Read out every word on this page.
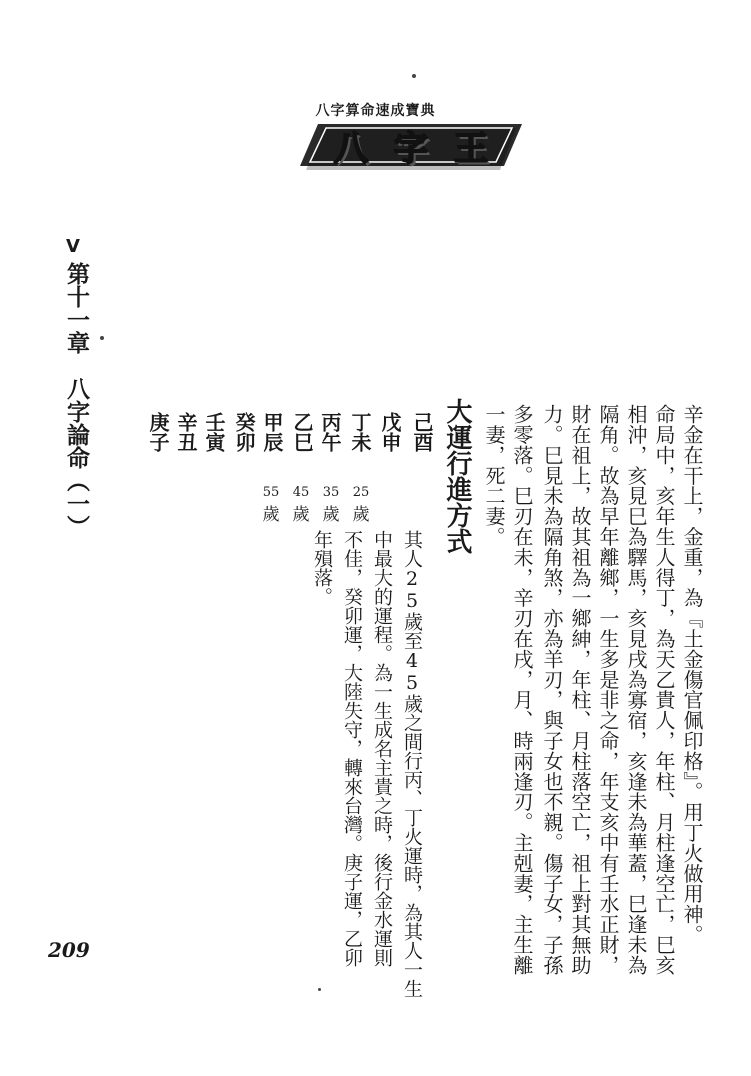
八字算命速成寶典
八字王
V
第十一章　八字論命（一）
辛金在干上，金重，為『土金傷官佩印格』。用丁火做用神。
命局中，亥年生人得丁，為天乙貴人，年柱、月柱逢空亡，巳亥
相沖，亥見巳為驛馬，亥見戌為寡宿，亥逢未為華蓋，巳逢未為
隔角。故為早年離鄉，一生多是非之命，年支亥中有壬水正財，
財在祖上，故其祖為一鄉紳，年柱、月柱落空亡，祖上對其無助
力。巳見未為隔角煞，亦為羊刃，與子女也不親。傷子女，子孫
多零落。巳刃在未，辛刃在戌，月、時兩逢刃。主剋妻，主生離
大運行進方式
己酉
戊申
丁未
丙午
乙巳
甲辰
癸卯
壬寅
辛丑
庚子
25
歲
35
歲
45
歲
55
歲
其人25歲至45歲之間行丙、丁火運時，為其人一生
中最大的運程。為一生成名主貴之時，後行金水運則
不佳，癸卯運，大陸失守，轉來台灣。庚子運，乙卯
年殞落。
209
一妻，死二妻。
